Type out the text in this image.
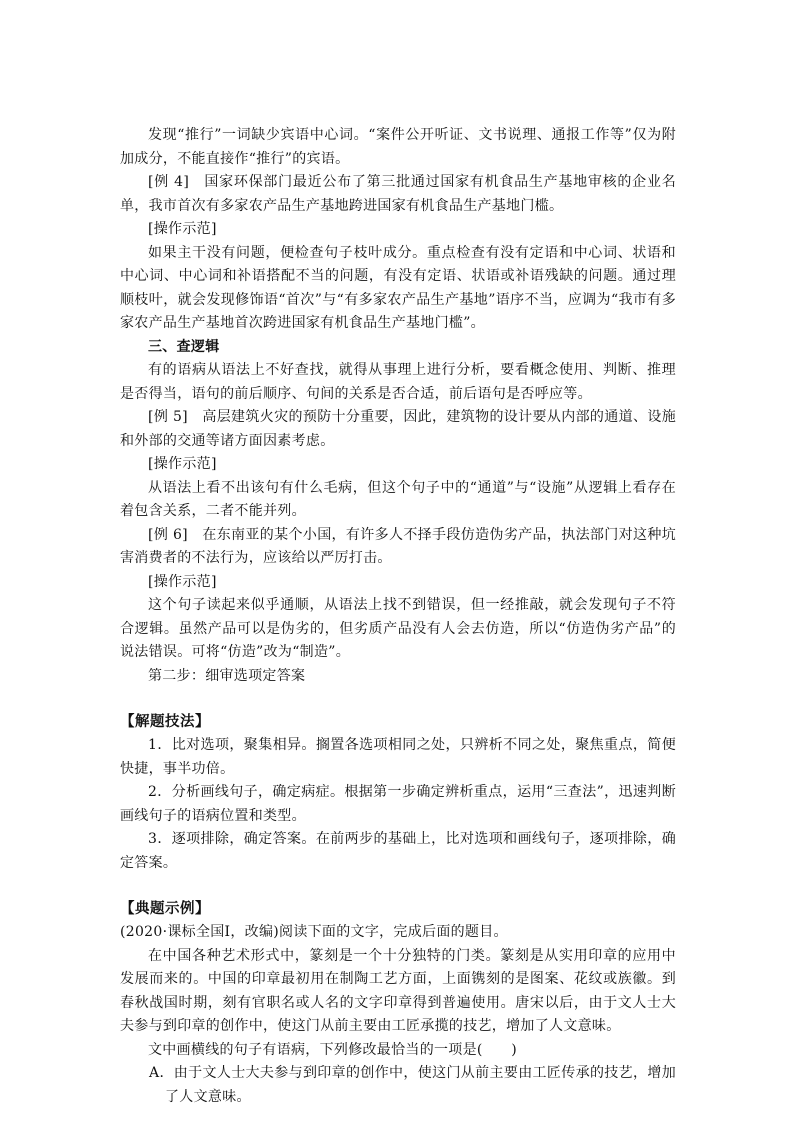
发现“推行”一词缺少宾语中心词。“案件公开听证、文书说理、通报工作等”仅为附加成分，不能直接作“推行”的宾语。

[例 4]　国家环保部门最近公布了第三批通过国家有机食品生产基地审核的企业名单，我市首次有多家农产品生产基地跨进国家有机食品生产基地门槛。

[操作示范]

如果主干没有问题，便检查句子枝叶成分。重点检查有没有定语和中心词、状语和中心词、中心词和补语搭配不当的问题，有没有定语、状语或补语残缺的问题。通过理顺枝叶，就会发现修饰语“首次”与“有多家农产品生产基地”语序不当，应调为“我市有多家农产品生产基地首次跨进国家有机食品生产基地门槛”。

三、查逻辑

有的语病从语法上不好查找，就得从事理上进行分析，要看概念使用、判断、推理是否得当，语句的前后顺序、句间的关系是否合适，前后语句是否呼应等。

[例 5]　高层建筑火灾的预防十分重要，因此，建筑物的设计要从内部的通道、设施和外部的交通等诸方面因素考虑。

[操作示范]

从语法上看不出该句有什么毛病，但这个句子中的“通道”与“设施”从逻辑上看存在着包含关系，二者不能并列。

[例 6]　在东南亚的某个小国，有许多人不择手段仿造伪劣产品，执法部门对这种坑害消费者的不法行为，应该给以严厉打击。

[操作示范]

这个句子读起来似乎通顺，从语法上找不到错误，但一经推敲，就会发现句子不符合逻辑。虽然产品可以是伪劣的，但劣质产品没有人会去仿造，所以“仿造伪劣产品”的说法错误。可将“仿造”改为“制造”。

第二步：细审选项定答案

【解题技法】

1．比对选项，聚集相异。搁置各选项相同之处，只辨析不同之处，聚焦重点，简便快捷，事半功倍。

2．分析画线句子，确定病症。根据第一步确定辨析重点，运用“三查法”，迅速判断画线句子的语病位置和类型。

3．逐项排除，确定答案。在前两步的基础上，比对选项和画线句子，逐项排除，确定答案。

【典题示例】

(2020·课标全国Ⅰ，改编)阅读下面的文字，完成后面的题目。

在中国各种艺术形式中，篆刻是一个十分独特的门类。篆刻是从实用印章的应用中发展而来的。中国的印章最初用在制陶工艺方面，上面镌刻的是图案、花纹或族徽。到春秋战国时期，刻有官职名或人名的文字印章得到普遍使用。唐宋以后，由于文人士大夫参与到印章的创作中，使这门从前主要由工匠承揽的技艺，增加了人文意味。

文中画横线的句子有语病，下列修改最恰当的一项是(　　)

A．由于文人士大夫参与到印章的创作中，使这门从前主要由工匠传承的技艺，增加了人文意味。
